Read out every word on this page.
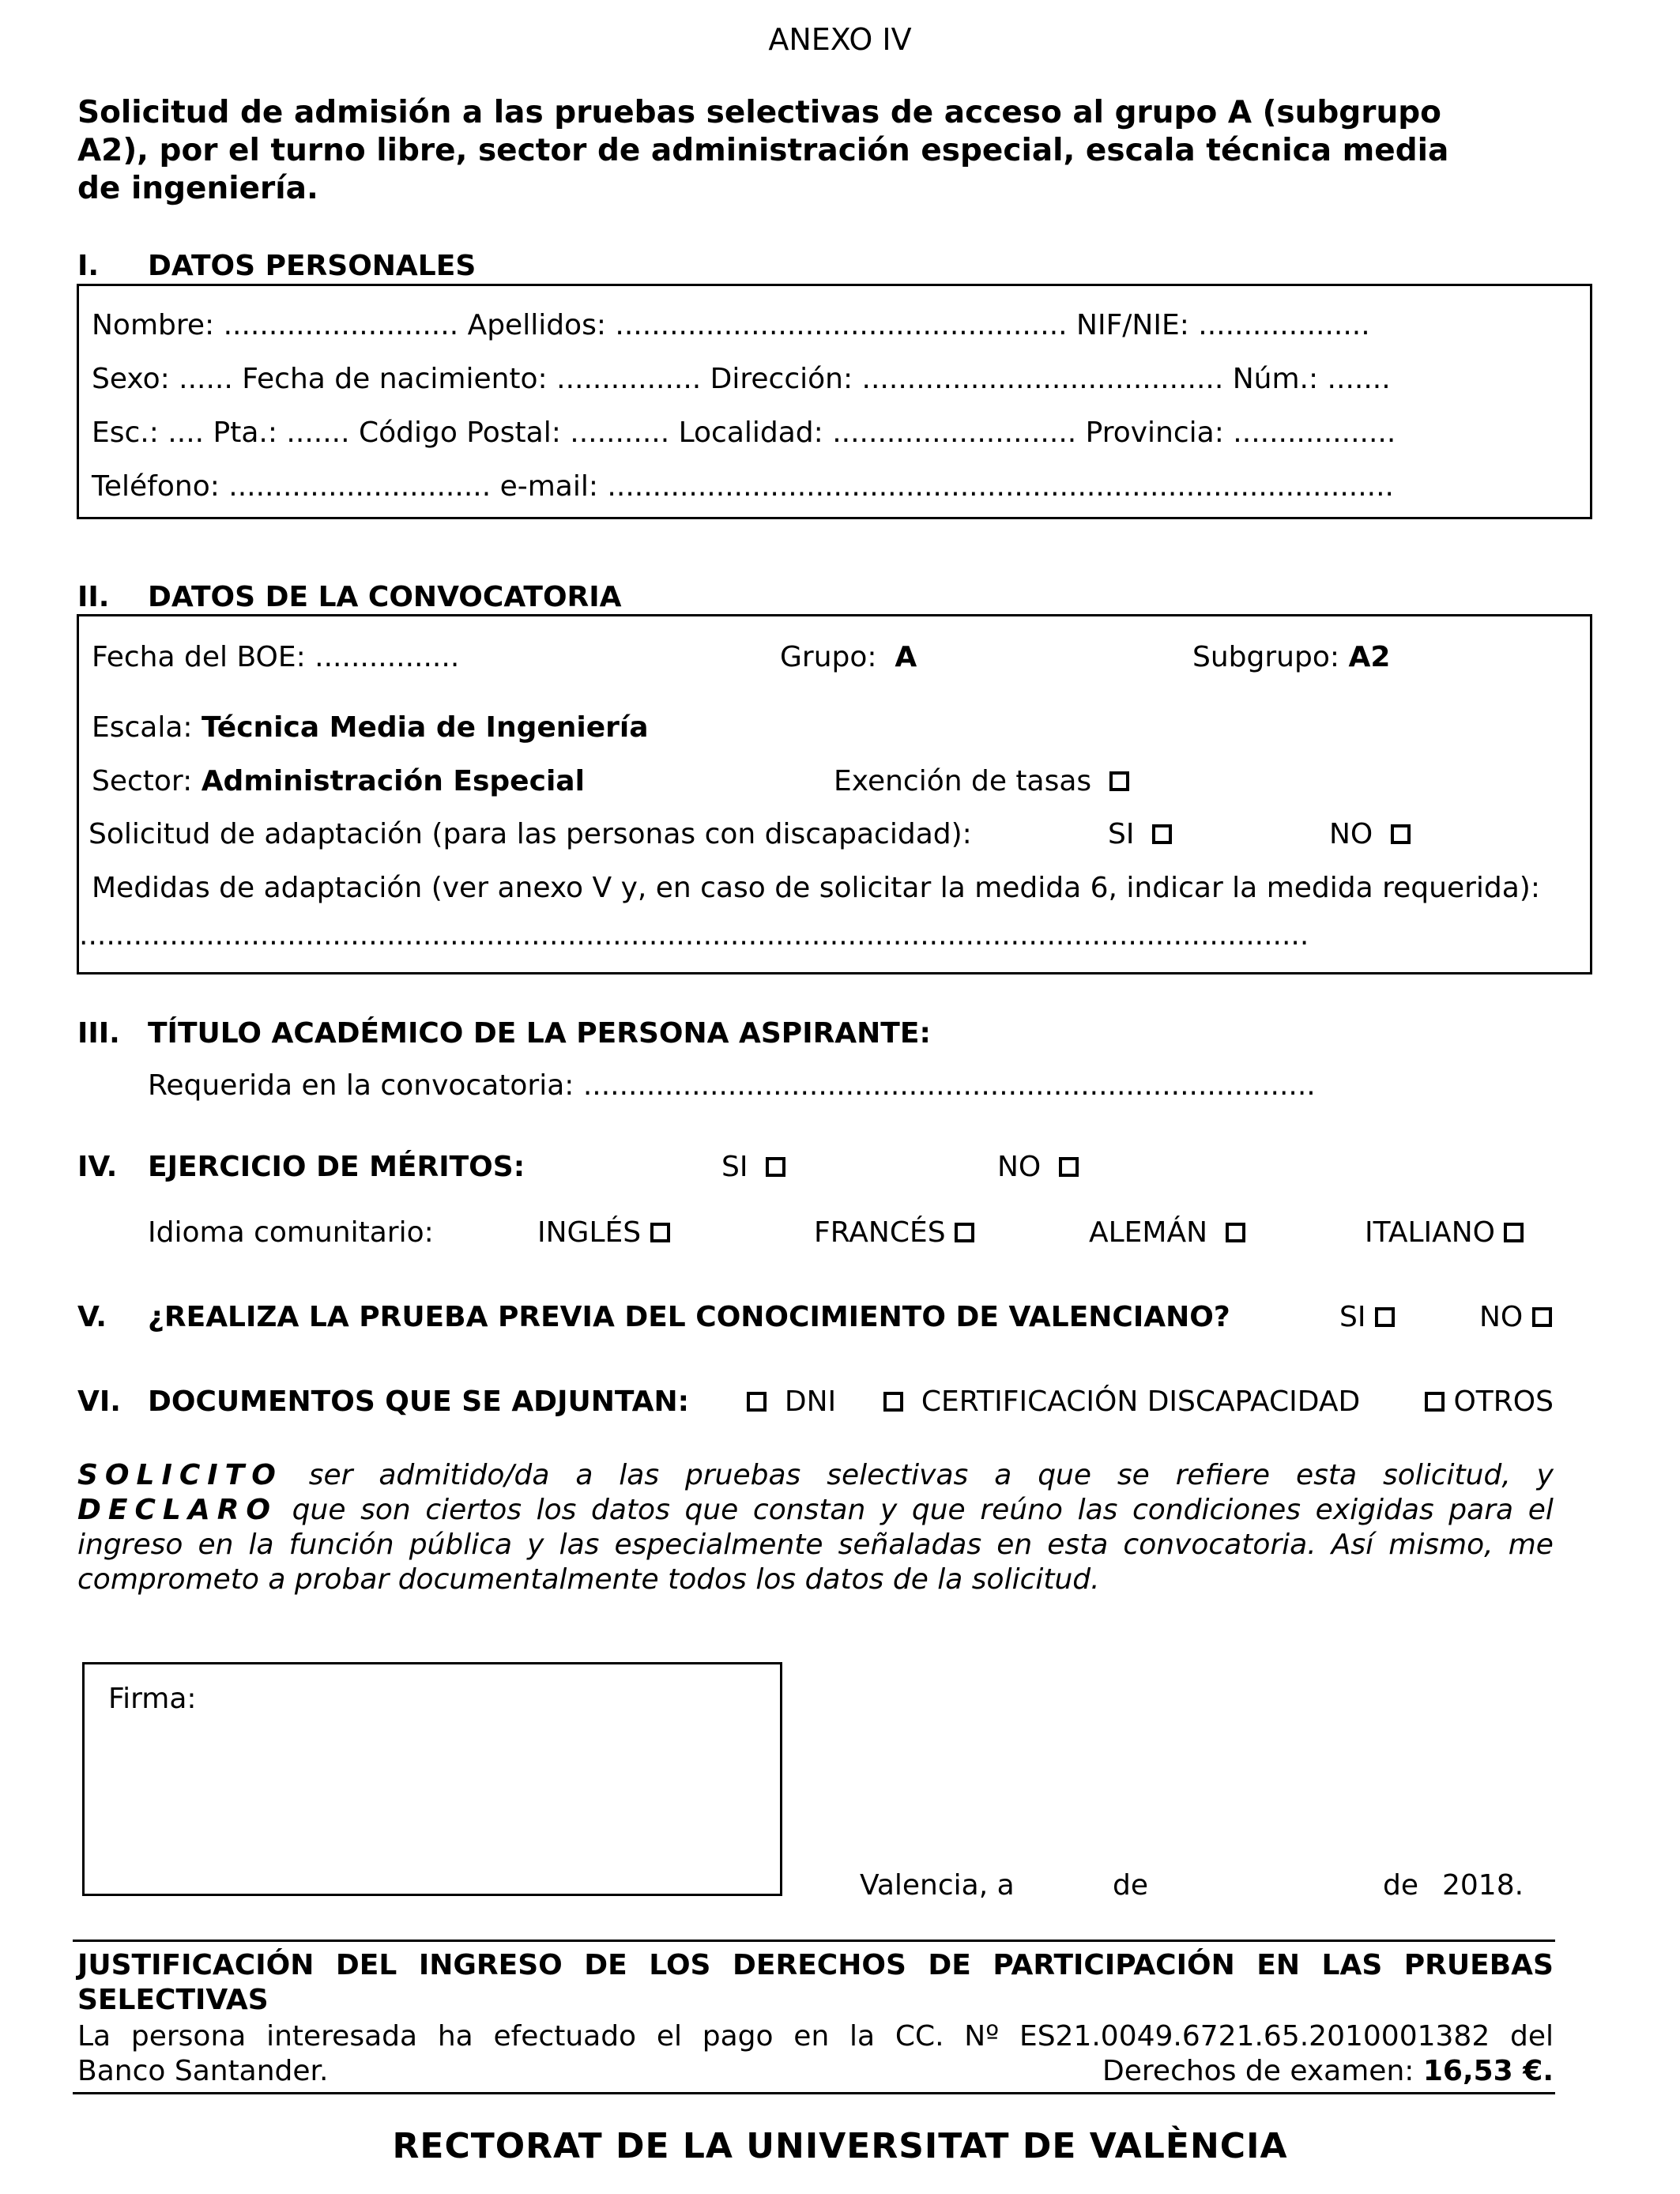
ANEXO IV
Solicitud de admisión a las pruebas selectivas de acceso al grupo A (subgrupo
A2), por el turno libre, sector de administración especial, escala técnica media
de ingeniería.
I. DATOS PERSONALES
Nombre: .......................... Apellidos: .................................................. NIF/NIE: ...................
Sexo: ...... Fecha de nacimiento: ................ Dirección: ........................................ Núm.: .......
Esc.: .... Pta.: ....... Código Postal: ........... Localidad: ........................... Provincia: ..................
Teléfono: ............................. e-mail: .......................................................................................
II. DATOS DE LA CONVOCATORIA
Fecha del BOE: ................	Grupo: A	Subgrupo: A2
Escala: Técnica Media de Ingeniería
Sector: Administración Especial	Exención de tasas
Solicitud de adaptación (para las personas con discapacidad):	SI	NO
Medidas de adaptación (ver anexo V y, en caso de solicitar la medida 6, indicar la medida requerida):
........................................................................................................................................
III. TÍTULO ACADÉMICO DE LA PERSONA ASPIRANTE:
Requerida en la convocatoria: .................................................................................
IV. EJERCICIO DE MÉRITOS:	SI	NO
Idioma comunitario:	INGLÉS	FRANCÉS	ALEMÁN	ITALIANO
V. ¿REALIZA LA PRUEBA PREVIA DEL CONOCIMIENTO DE VALENCIANO?	SI	NO
VI. DOCUMENTOS QUE SE ADJUNTAN:	DNI	CERTIFICACIÓN DISCAPACIDAD	OTROS
SOLICITO ser admitido/da a las pruebas selectivas a que se refiere esta solicitud, y
DECLARO que son ciertos los datos que constan y que reúno las condiciones exigidas para el
ingreso en la función pública y las especialmente señaladas en esta convocatoria. Así mismo, me
comprometo a probar documentalmente todos los datos de la solicitud.
Firma:
Valencia, a	de	de 2018.
JUSTIFICACIÓN DEL INGRESO DE LOS DERECHOS DE PARTICIPACIÓN EN LAS PRUEBAS
SELECTIVAS
La persona interesada ha efectuado el pago en la CC. Nº ES21.0049.6721.65.2010001382 del
Banco Santander.	Derechos de examen: 16,53 €.
RECTORAT DE LA UNIVERSITAT DE VALÈNCIA
